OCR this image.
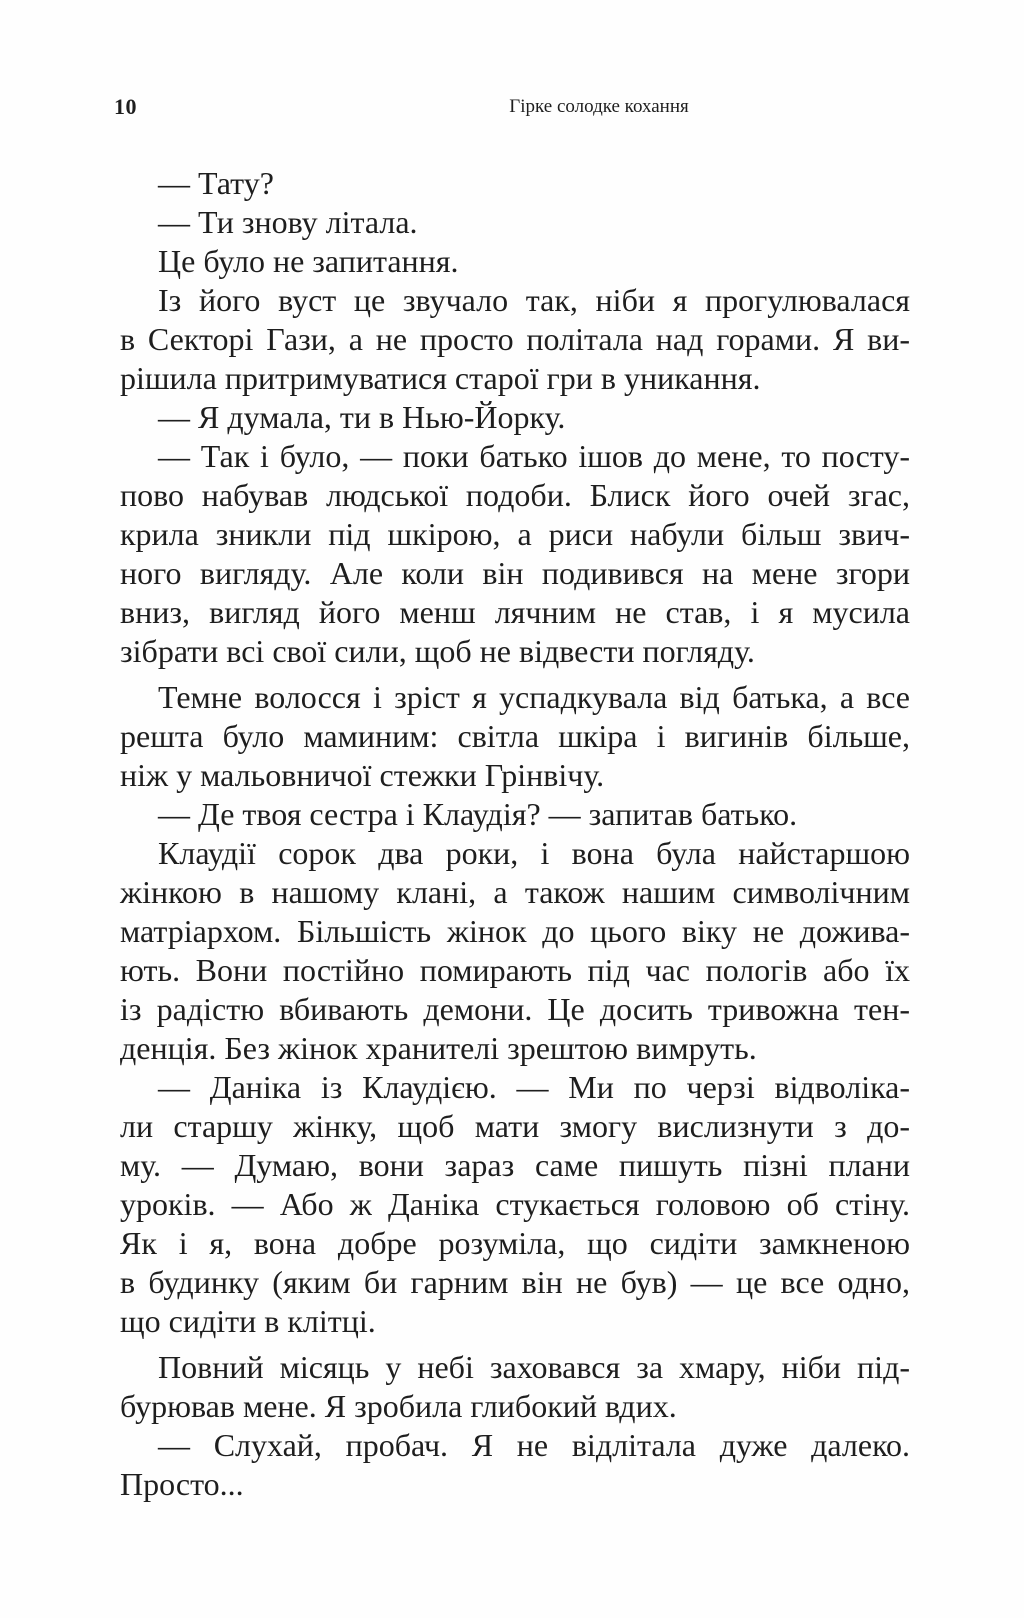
10	Гірке солодке кохання
— Тату?
— Ти знову літала.
Це було не запитання.
Із його вуст це звучало так, ніби я прогулювалася
в Секторі Гази, а не просто політала над горами. Я ви-
рішила притримуватися старої гри в уникання.
— Я думала, ти в Нью-Йорку.
— Так і було, — поки батько ішов до мене, то посту-
пово набував людської подоби. Блиск його очей згас,
крила зникли під шкірою, а риси набули більш звич-
ного вигляду. Але коли він подивився на мене згори
вниз, вигляд його менш лячним не став, і я мусила
зібрати всі свої сили, щоб не відвести погляду.
Темне волосся і зріст я успадкувала від батька, а все
решта було маминим: світла шкіра і вигинів більше,
ніж у мальовничої стежки Грінвічу.
— Де твоя сестра і Клаудія? — запитав батько.
Клаудії сорок два роки, і вона була найстаршою
жінкою в нашому клані, а також нашим символічним
матріархом. Більшість жінок до цього віку не дожива-
ють. Вони постійно помирають під час пологів або їх
із радістю вбивають демони. Це досить тривожна тен-
денція. Без жінок хранителі зрештою вимруть.
— Даніка із Клаудією. — Ми по черзі відволіка-
ли старшу жінку, щоб мати змогу вислизнути з до-
му. — Думаю, вони зараз саме пишуть пізні плани
уроків. — Або ж Даніка стукається головою об стіну.
Як і я, вона добре розуміла, що сидіти замкненою
в будинку (яким би гарним він не був) — це все одно,
що сидіти в клітці.
Повний місяць у небі заховався за хмару, ніби під-
бурював мене. Я зробила глибокий вдих.
— Слухай, пробач. Я не відлітала дуже далеко.
Просто...
